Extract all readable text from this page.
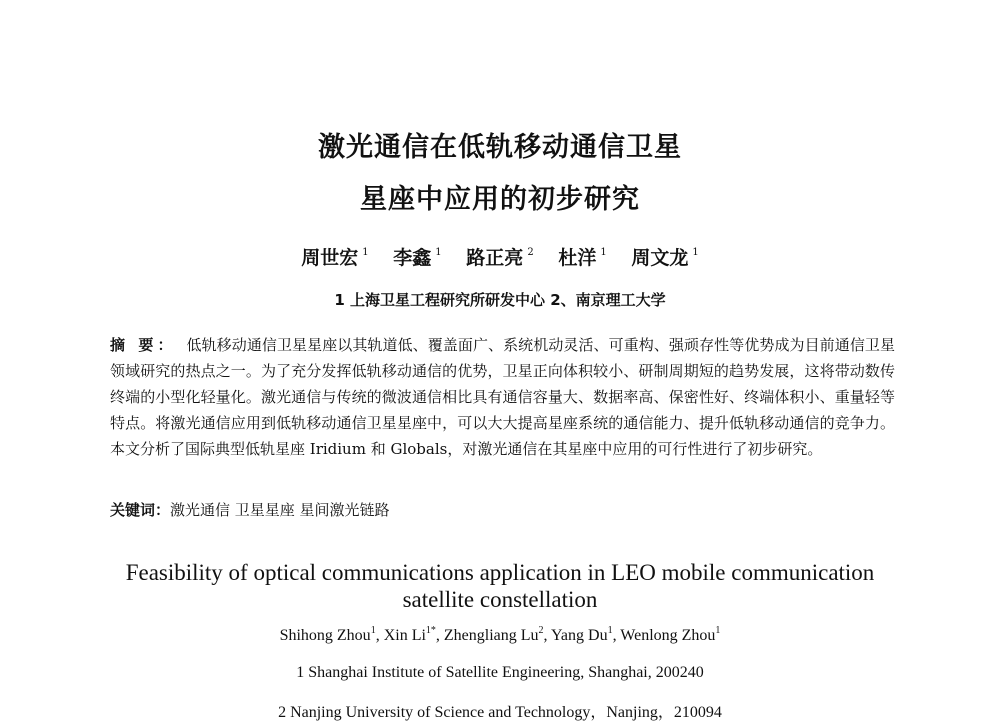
激光通信在低轨移动通信卫星
星座中应用的初步研究
周世宏 $^1$ 李鑫 $^1$ 路正亮 $^2$ 杜洋 $^1$ 周文龙 $^1$
1 上海卫星工程研究所研发中心 2、南京理工大学
摘 要： 低轨移动通信卫星星座以其轨道低、覆盖面广、系统机动灵活、可重构、强顽存性等优势成为目前通信卫星领域研究的热点之一。为了充分发挥低轨移动通信的优势，卫星正向体积较小、研制周期短的趋势发展，这将带动数传终端的小型化轻量化。激光通信与传统的微波通信相比具有通信容量大、数据率高、保密性好、终端体积小、重量轻等特点。将激光通信应用到低轨移动通信卫星星座中，可以大大提高星座系统的通信能力、提升低轨移动通信的竞争力。本文分析了国际典型低轨星座 Iridium 和 Globals，对激光通信在其星座中应用的可行性进行了初步研究。
关键词：激光通信 卫星星座 星间激光链路
Feasibility of optical communications application in LEO mobile communication
satellite constellation
Shihong Zhou$^1$, Xin $Li^{1*}$, Zhengliang Lu$^2$, Yang Du$^1$, Wenlong Zhou$^1$
1 Shanghai Institute of Satellite Engineering, Shanghai, 200240
2 Nanjing University of Science and Technology，Nanjing，210094
